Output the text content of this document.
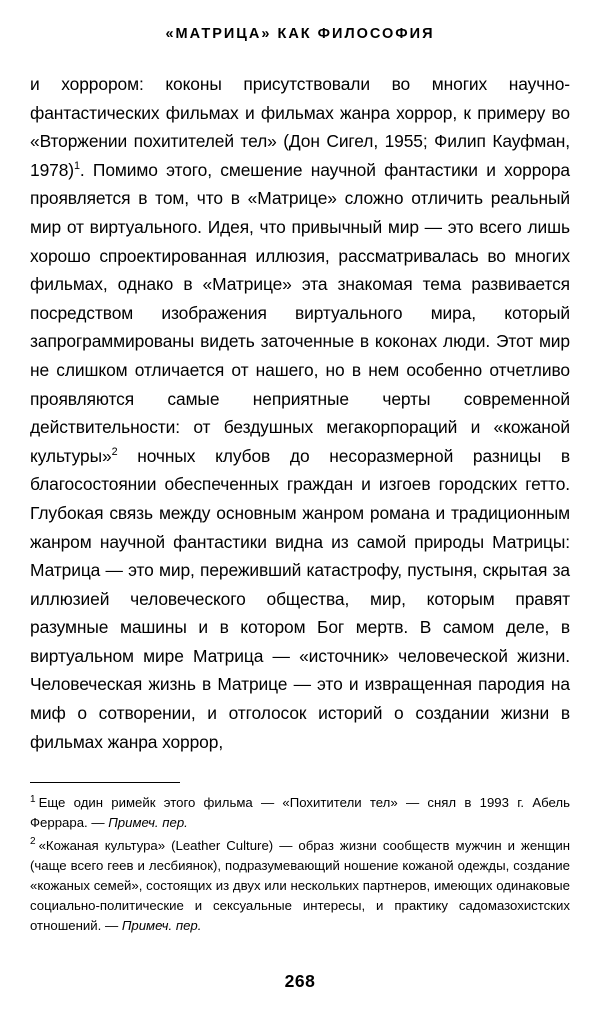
«МАТРИЦА» КАК ФИЛОСОФИЯ

и хоррором: коконы присутствовали во многих научно-фантастических фильмах и фильмах жанра хоррор, к примеру во «Вторжении похитителей тел» (Дон Сигел, 1955; Филип Кауфман, 1978)$^1$. Помимо этого, смешение научной фантастики и хоррора проявляется в том, что в «Матрице» сложно отличить реальный мир от виртуального. Идея, что привычный мир — это всего лишь хорошо спроектированная иллюзия, рассматривалась во многих фильмах, однако в «Матрице» эта знакомая тема развивается посредством изображения виртуального мира, который запрограммированы видеть заточенные в коконах люди. Этот мир не слишком отличается от нашего, но в нем особенно отчетливо проявляются самые неприятные черты современной действительности: от бездушных мегакорпораций и «кожаной культуры»$^2$ ночных клубов до несоразмерной разницы в благосостоянии обеспеченных граждан и изгоев городских гетто. Глубокая связь между основным жанром романа и традиционным жанром научной фантастики видна из самой природы Матрицы: Матрица — это мир, переживший катастрофу, пустыня, скрытая за иллюзией человеческого общества, мир, которым правят разумные машины и в котором Бог мертв. В самом деле, в виртуальном мире Матрица — «источник» человеческой жизни. Человеческая жизнь в Матрице — это и извращенная пародия на миф о сотворении, и отголосок историй о создании жизни в фильмах жанра хоррор,

$^1$ Еще один римейк этого фильма — «Похитители тел» — снял в 1993 г. Абель Феррара. — Примеч. пер.

$^2$ «Кожаная культура» (Leather Culture) — образ жизни сообществ мужчин и женщин (чаще всего геев и лесбиянок), подразумевающий ношение кожаной одежды, создание «кожаных семей», состоящих из двух или нескольких партнеров, имеющих одинаковые социально-политические и сексуальные интересы, и практику садомазохистских отношений. — Примеч. пер.

268
